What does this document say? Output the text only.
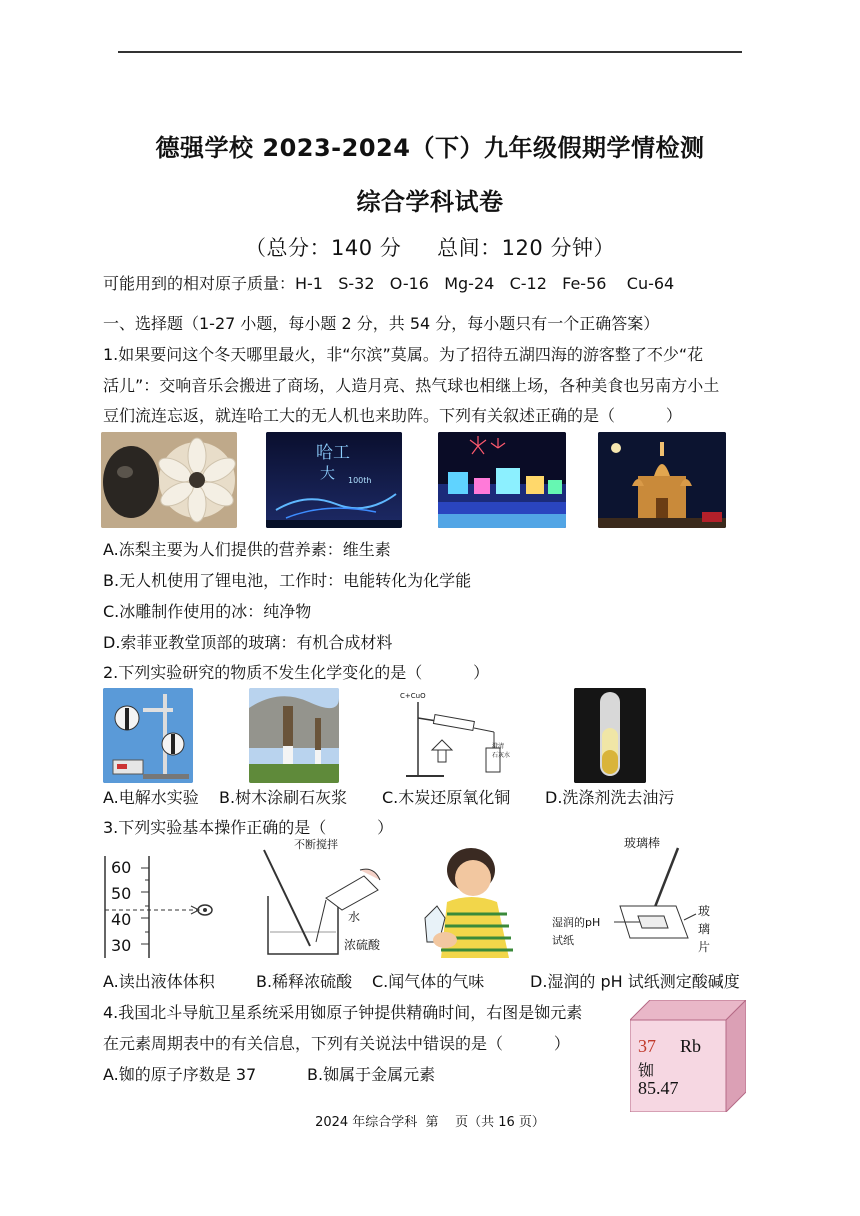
德强学校 2023-2024（下）九年级假期学情检测
综合学科试卷
（总分：140 分     总间：120 分钟）
可能用到的相对原子质量：H-1   S-32   O-16   Mg-24   C-12   Fe-56    Cu-64
一、选择题（1-27 小题，每小题 2 分，共 54 分，每小题只有一个正确答案）
1.如果要问这个冬天哪里最火，非“尔滨”莫属。为了招待五湖四海的游客整了不少“花
活儿”：交响音乐会搬进了商场，人造月亮、热气球也相继上场，各种美食也另南方小土
豆们流连忘返，就连哈工大的无人机也来助阵。下列有关叙述正确的是（          ）
哈工
大 100th
A.冻梨主要为人们提供的营养素：维生素
B.无人机使用了锂电池，工作时：电能转化为化学能
C.冰雕制作使用的冰：纯净物
D.索菲亚教堂顶部的玻璃：有机合成材料
2.下列实验研究的物质不发生化学变化的是（          ）
C+CuO
澄清
石灰水
A.电解水实验 B.树木涂刷石灰浆 C.木炭还原氧化铜 D.洗涤剂洗去油污
3.下列实验基本操作正确的是（          ）
60
50
40
30
不断搅拌
水
浓硫酸
玻璃棒
湿润的pH
试纸
玻
璃
片
A.读出液体体积	B.稀释浓硫酸 C.闻气体的气味	D.湿润的 pH 试纸测定酸碱度
4.我国北斗导航卫星系统采用铷原子钟提供精确时间，右图是铷元素
在元素周期表中的有关信息，下列有关说法中错误的是（          ）
A.铷的原子序数是 37          B.铷属于金属元素
37 Rb
铷
85.47
2024 年综合学科  第    页（共 16 页）
